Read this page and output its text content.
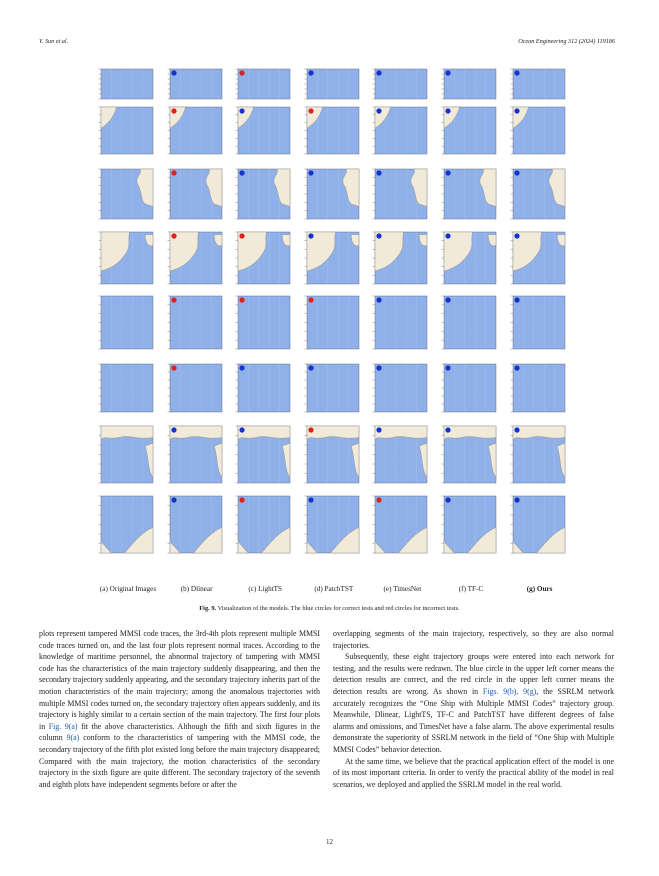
Y. Sun et al.	Ocean Engineering 312 (2024) 119186
(a) Original Images	(b) Dlinear	(c) LightTS	(d) PatchTST	(e) TimesNet	(f) TF-C	(g) Ours
Fig. 9. Visualization of the models. The blue circles for correct tests and red circles for incorrect tests.

plots represent tampered MMSI code traces, the 3rd-4th plots represent multiple MMSI code traces turned on, and the last four plots represent normal traces. According to the knowledge of maritime personnel, the abnormal trajectory of tampering with MMSI code has the characteristics of the main trajectory suddenly disappearing, and then the secondary trajectory suddenly appearing, and the secondary trajectory inherits part of the motion characteristics of the main trajectory; among the anomalous trajectories with multiple MMSI codes turned on, the secondary trajectory often appears suddenly, and its trajectory is highly similar to a certain section of the main trajectory. The first four plots in Fig. 9(a) fit the above characteristics. Although the fifth and sixth figures in the column 9(a) conform to the characteristics of tampering with the MMSI code, the secondary trajectory of the fifth plot existed long before the main trajectory disappeared; Compared with the main trajectory, the motion characteristics of the secondary trajectory in the sixth figure are quite different. The secondary trajectory of the seventh and eighth plots have independent segments before or after the

overlapping segments of the main trajectory, respectively, so they are also normal trajectories.

Subsequently, these eight trajectory groups were entered into each network for testing, and the results were redrawn. The blue circle in the upper left corner means the detection results are correct, and the red circle in the upper left corner means the detection results are wrong. As shown in Figs. 9(b), 9(g), the SSRLM network accurately recognizes the “One Ship with Multiple MMSI Codes” trajectory group. Meanwhile, Dlinear, LightTS, TF-C and PatchTST have different degrees of false alarms and omissions, and TimesNet have a false alarm. The above experimental results demonstrate the superiority of SSRLM network in the field of “One Ship with Multiple MMSI Codes” behavior detection.

At the same time, we believe that the practical application effect of the model is one of its most important criteria. In order to verify the practical ability of the model in real scenarios, we deployed and applied the SSRLM model in the real world.

12
